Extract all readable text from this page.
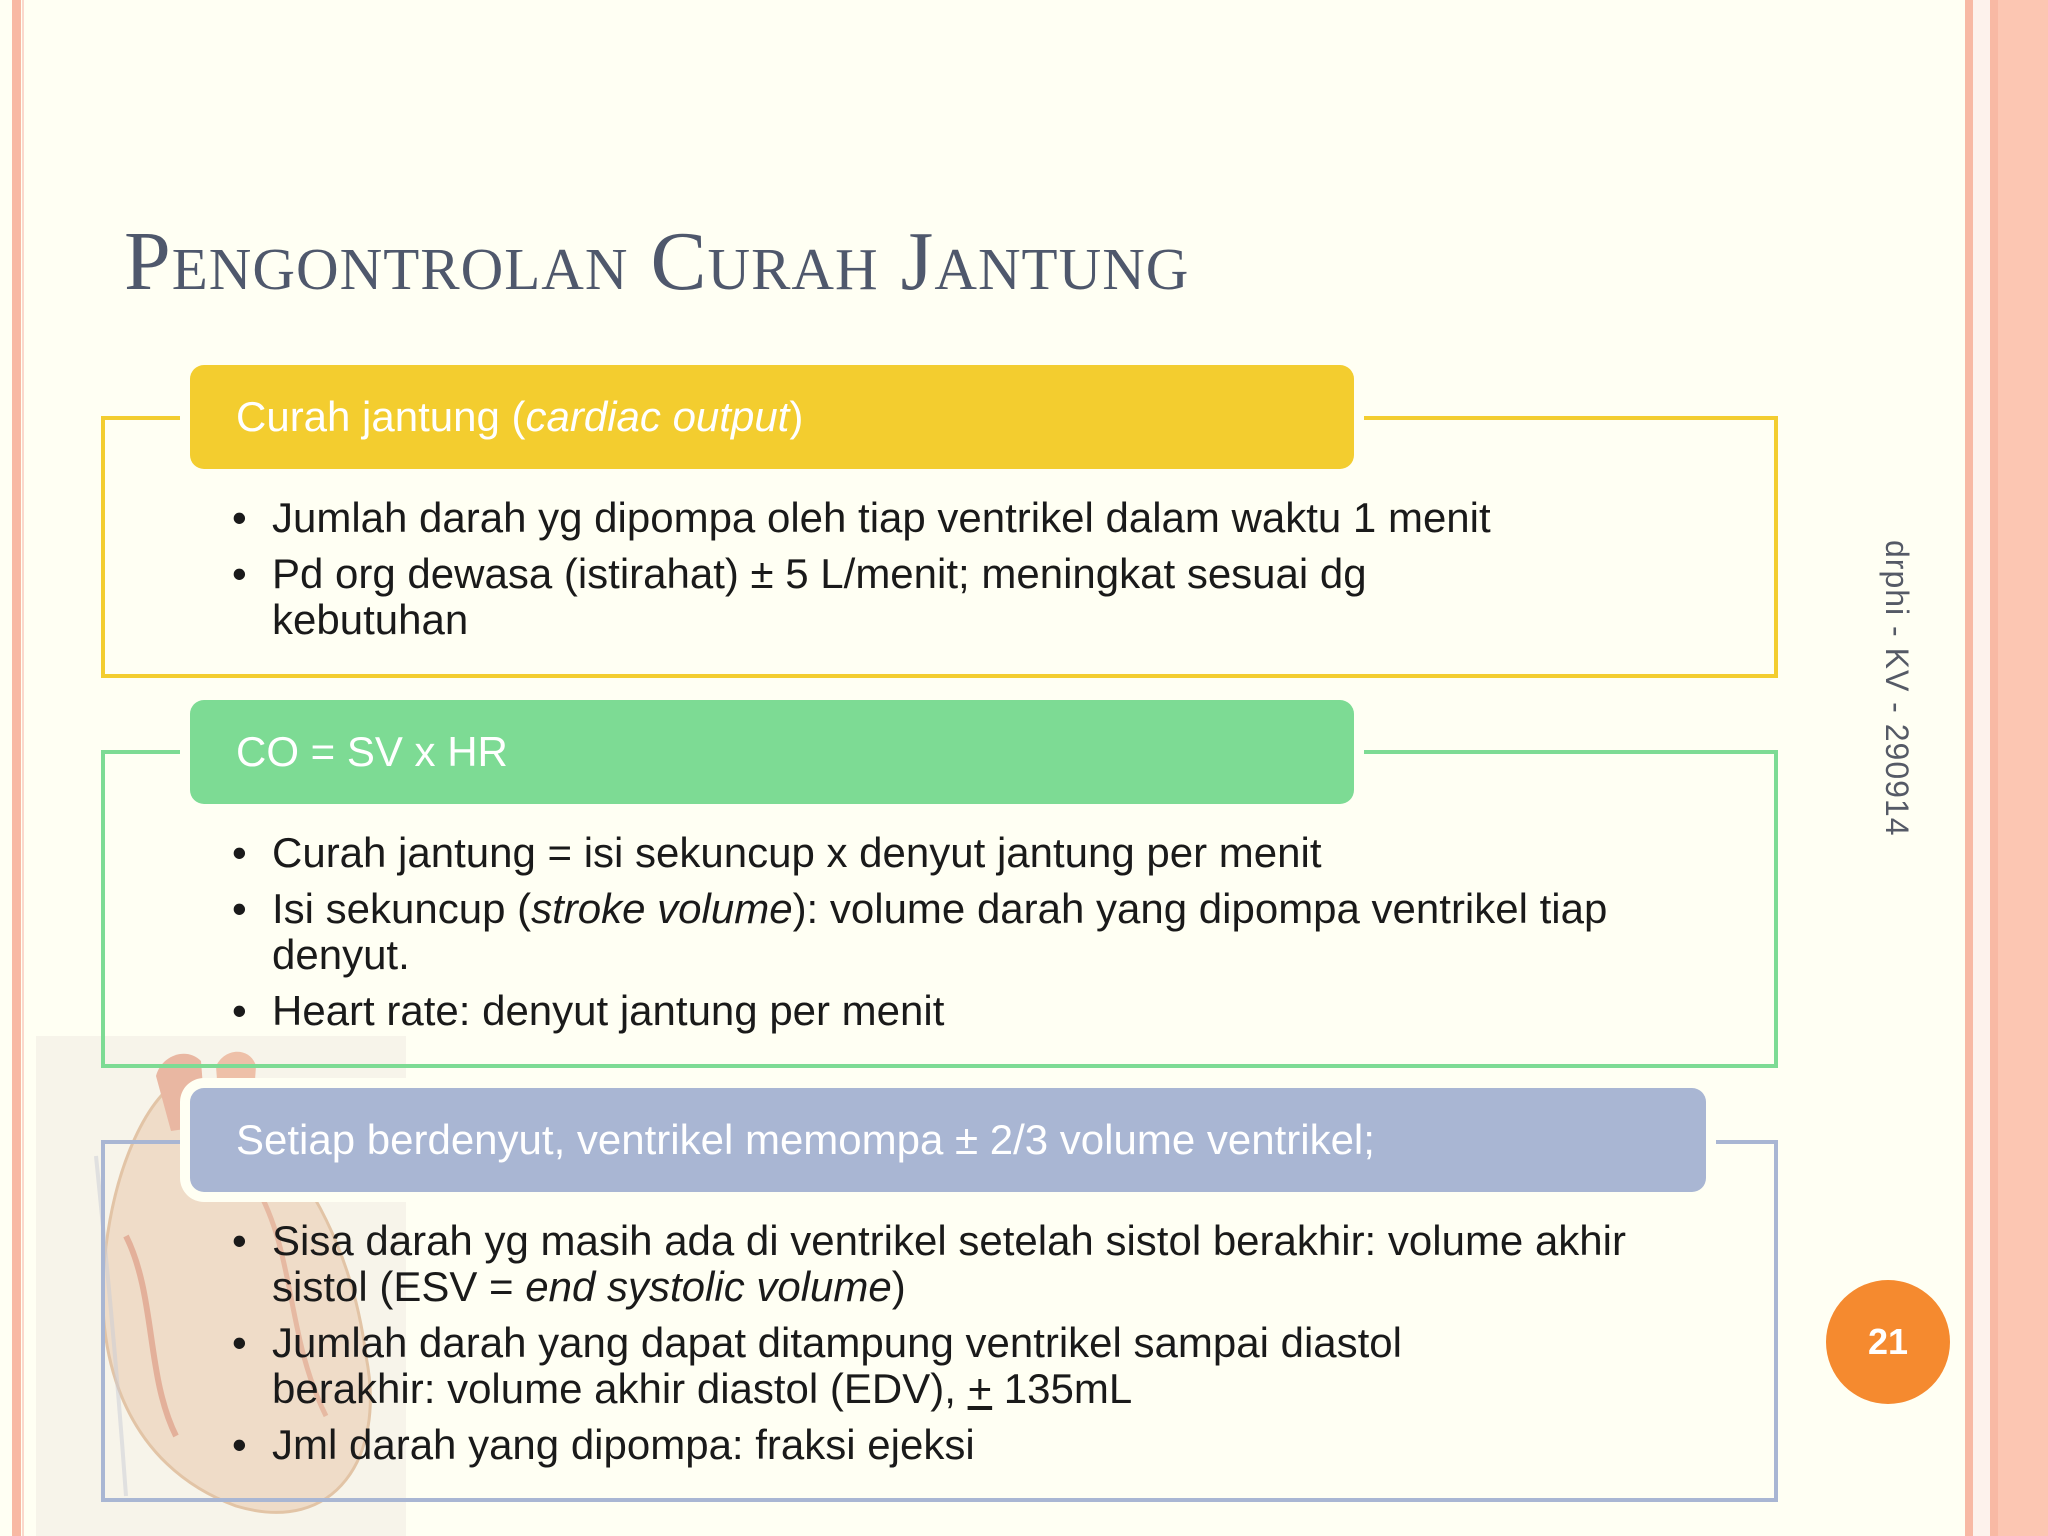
Pengontrolan Curah Jantung
Curah jantung ( cardiac output )
• Jumlah darah yg dipompa oleh tiap ventrikel dalam waktu 1 menit
• Pd org dewasa (istirahat) ± 5 L/menit; meningkat sesuai dg kebutuhan
CO = SV x HR
• Curah jantung = isi sekuncup x denyut jantung per menit
• Isi sekuncup (stroke volume): volume darah yang dipompa ventrikel tiap denyut.
• Heart rate: denyut jantung per menit
Setiap berdenyut, ventrikel memompa ± 2/3 volume ventrikel;
• Sisa darah yg masih ada di ventrikel setelah sistol berakhir: volume akhir sistol (ESV = end systolic volume)
• Jumlah darah yang dapat ditampung ventrikel sampai diastol berakhir: volume akhir diastol (EDV), + 135mL
• Jml darah yang dipompa: fraksi ejeksi
drphi - KV - 290914
21
